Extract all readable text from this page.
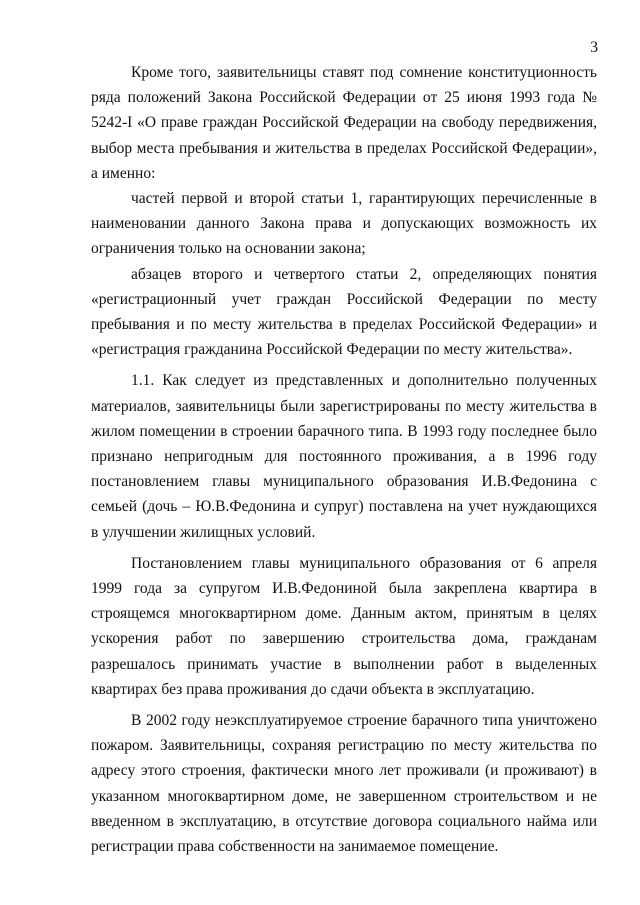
3

Кроме того, заявительницы ставят под сомнение конституционность ряда положений Закона Российской Федерации от 25 июня 1993 года № 5242-I «О праве граждан Российской Федерации на свободу передвижения, выбор места пребывания и жительства в пределах Российской Федерации», а именно:

частей первой и второй статьи 1, гарантирующих перечисленные в наименовании данного Закона права и допускающих возможность их ограничения только на основании закона;

абзацев второго и четвертого статьи 2, определяющих понятия «регистрационный учет граждан Российской Федерации по месту пребывания и по месту жительства в пределах Российской Федерации» и «регистрация гражданина Российской Федерации по месту жительства».

1.1. Как следует из представленных и дополнительно полученных материалов, заявительницы были зарегистрированы по месту жительства в жилом помещении в строении барачного типа. В 1993 году последнее было признано непригодным для постоянного проживания, а в 1996 году постановлением главы муниципального образования И.В.Федонина с семьей (дочь – Ю.В.Федонина и супруг) поставлена на учет нуждающихся в улучшении жилищных условий.

Постановлением главы муниципального образования от 6 апреля 1999 года за супругом И.В.Федониной была закреплена квартира в строящемся многоквартирном доме. Данным актом, принятым в целях ускорения работ по завершению строительства дома, гражданам разрешалось принимать участие в выполнении работ в выделенных квартирах без права проживания до сдачи объекта в эксплуатацию.

В 2002 году неэксплуатируемое строение барачного типа уничтожено пожаром. Заявительницы, сохраняя регистрацию по месту жительства по адресу этого строения, фактически много лет проживали (и проживают) в указанном многоквартирном доме, не завершенном строительством и не введенном в эксплуатацию, в отсутствие договора социального найма или регистрации права собственности на занимаемое помещение.
